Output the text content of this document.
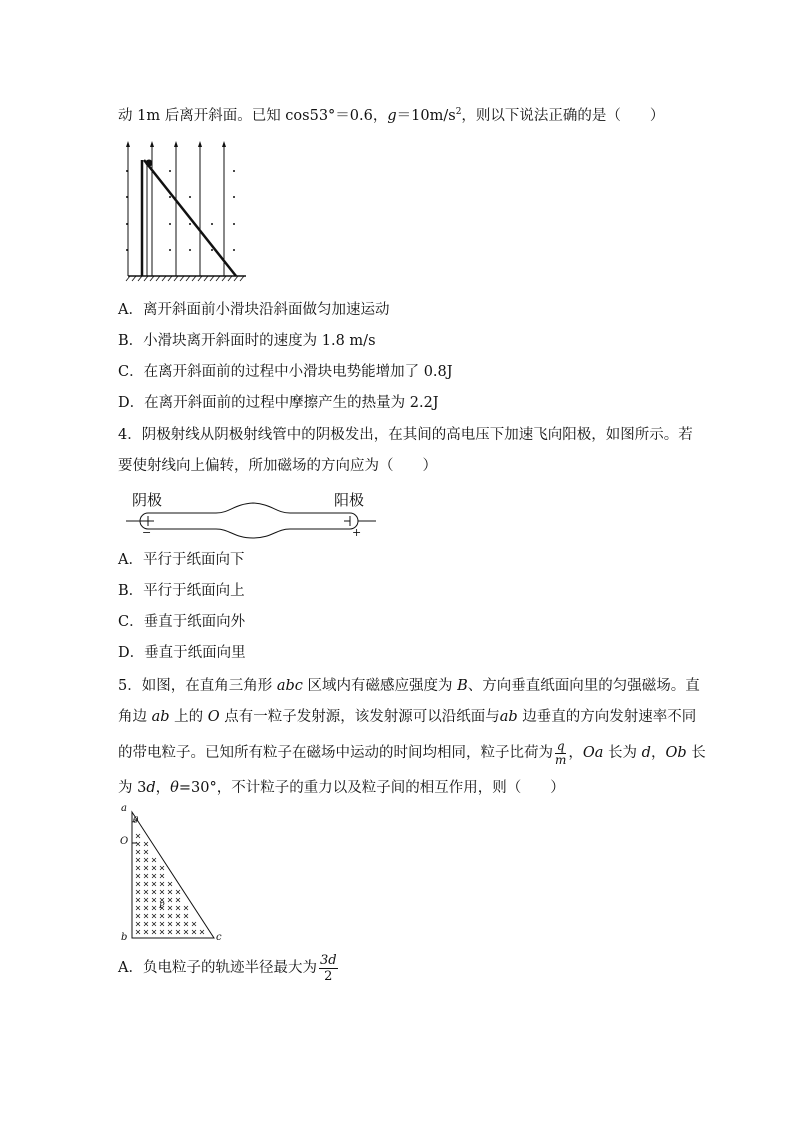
动 1m 后离开斜面。已知 cos53°＝0.6，$g=10m/s^2$，则以下说法正确的是（　　）
A．离开斜面前小滑块沿斜面做匀加速运动
B．小滑块离开斜面时的速度为 1.8 m/s
C．在离开斜面前的过程中小滑块电势能增加了 0.8J
D．在离开斜面前的过程中摩擦产生的热量为 2.2J
4．阴极射线从阴极射线管中的阴极发出，在其间的高电压下加速飞向阳极，如图所示。若
要使射线向上偏转，所加磁场的方向应为（　　）
阴极	阳极
−	+
A．平行于纸面向下
B．平行于纸面向上
C．垂直于纸面向外
D．垂直于纸面向里
5．如图，在直角三角形 abc 区域内有磁感应强度为 B、方向垂直纸面向里的匀强磁场。直
角边 ab 上的 O 点有一粒子发射源，该发射源可以沿纸面与ab 边垂直的方向发射速率不同
的带电粒子。已知所有粒子在磁场中运动的时间均相同，粒子比荷为 $\frac{q}{m}$ ，Oa 长为 d，Ob 长
为 3d，θ=30°，不计粒子的重力以及粒子间的相互作用，则（　　）
a
θ
O
P
b	c
A．负电粒子的轨迹半径最大为 $\frac{3d}{2}$
